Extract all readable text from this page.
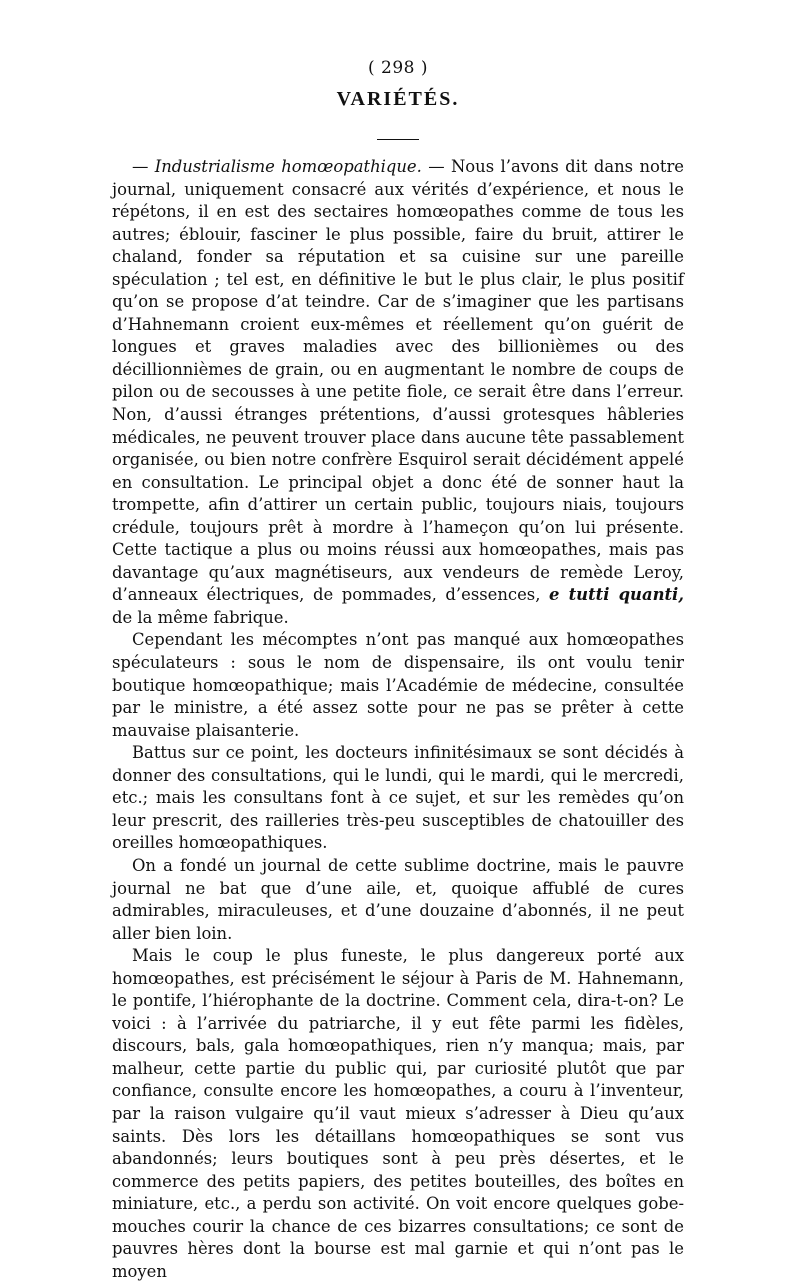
( 298 )
VARIÉTÉS.

— Industrialisme homœopathique. — Nous l’avons dit dans notre journal, uniquement consacré aux vérités d’expérience, et nous le répétons, il en est des sectaires homœopathes comme de tous les autres; éblouir, fasciner le plus possible, faire du bruit, attirer le chaland, fonder sa réputation et sa cuisine sur une pareille spéculation ; tel est, en définitive le but le plus clair, le plus positif qu’on se propose d’at teindre. Car de s’imaginer que les partisans d’Hahnemann croient eux-mêmes et réellement qu’on guérit de longues et graves maladies avec des billionièmes ou des décillionnièmes de grain, ou en augmentant le nombre de coups de pilon ou de secousses à une petite fiole, ce serait être dans l’erreur. Non, d’aussi étranges prétentions, d’aussi grotesques hâbleries médicales, ne peuvent trouver place dans aucune tête passablement organisée, ou bien notre confrère Esquirol serait décidément appelé en consultation. Le principal objet a donc été de sonner haut la trompette, afin d’attirer un certain public, toujours niais, toujours crédule, toujours prêt à mordre à l’hameçon qu’on lui présente. Cette tactique a plus ou moins réussi aux homœopathes, mais pas davantage qu’aux magnétiseurs, aux vendeurs de remède Leroy, d’anneaux électriques, de pommades, d’essences, e tutti quanti, de la même fabrique.

Cependant les mécomptes n’ont pas manqué aux homœopathes spéculateurs : sous le nom de dispensaire, ils ont voulu tenir boutique homœopathique; mais l’Académie de médecine, consultée par le ministre, a été assez sotte pour ne pas se prêter à cette mauvaise plaisanterie.

Battus sur ce point, les docteurs infinitésimaux se sont décidés à donner des consultations, qui le lundi, qui le mardi, qui le mercredi, etc.; mais les consultans font à ce sujet, et sur les remèdes qu’on leur prescrit, des railleries très-peu susceptibles de chatouiller des oreilles homœopathiques.

On a fondé un journal de cette sublime doctrine, mais le pauvre journal ne bat que d’une aile, et, quoique affublé de cures admirables, miraculeuses, et d’une douzaine d’abonnés, il ne peut aller bien loin.

Mais le coup le plus funeste, le plus dangereux porté aux homœopathes, est précisément le séjour à Paris de M. Hahnemann, le pontife, l’hiérophante de la doctrine. Comment cela, dira-t-on? Le voici : à l’arrivée du patriarche, il y eut fête parmi les fidèles, discours, bals, gala homœopathiques, rien n’y manqua; mais, par malheur, cette partie du public qui, par curiosité plutôt que par confiance, consulte encore les homœopathes, a couru à l’inventeur, par la raison vulgaire qu’il vaut mieux s’adresser à Dieu qu’aux saints. Dès lors les détaillans homœopathiques se sont vus abandonnés; leurs boutiques sont à peu près désertes, et le commerce des petits papiers, des petites bouteilles, des boîtes en miniature, etc., a perdu son activité. On voit encore quelques gobe-mouches courir la chance de ces bizarres consultations; ce sont de pauvres hères dont la bourse est mal garnie et qui n’ont pas le moyen
